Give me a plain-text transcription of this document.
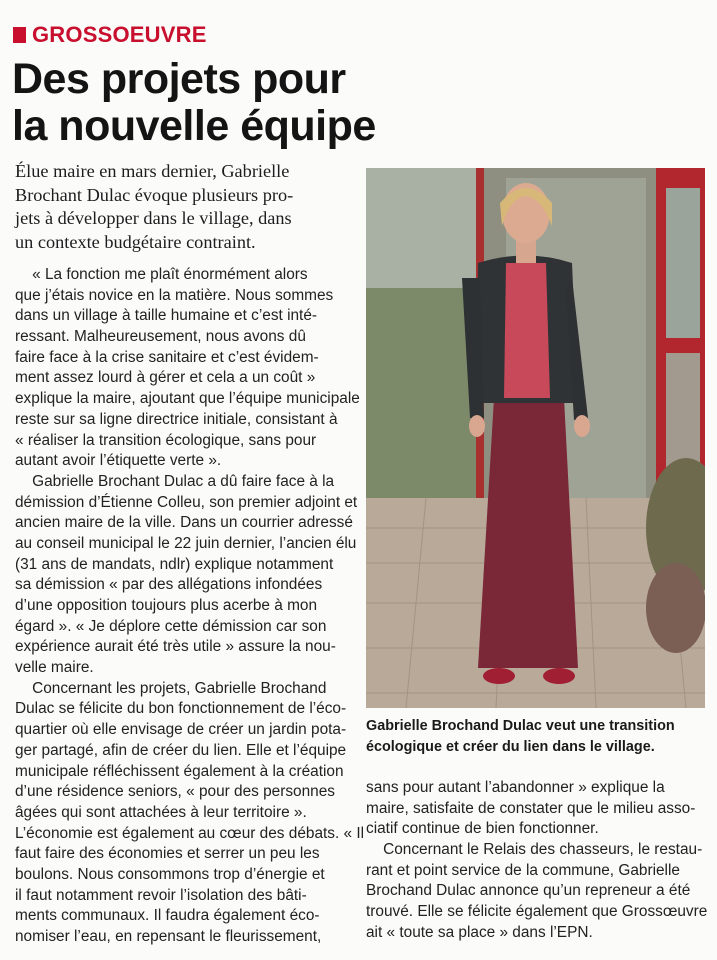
GROSSOEUVRE
Des projets pour
la nouvelle équipe
Élue maire en mars dernier, Gabrielle
Brochant Dulac évoque plusieurs pro-
jets à développer dans le village, dans
un contexte budgétaire contraint.
« La fonction me plaît énormément alors
que j’étais novice en la matière. Nous sommes
dans un village à taille humaine et c’est inté-
ressant. Malheureusement, nous avons dû
faire face à la crise sanitaire et c’est évidem-
ment assez lourd à gérer et cela a un coût »
explique la maire, ajoutant que l’équipe municipale
reste sur sa ligne directrice initiale, consistant à
« réaliser la transition écologique, sans pour
autant avoir l’étiquette verte ».
Gabrielle Brochant Dulac a dû faire face à la
démission d’Étienne Colleu, son premier adjoint et
ancien maire de la ville. Dans un courrier adressé
au conseil municipal le 22 juin dernier, l’ancien élu
(31 ans de mandats, ndlr) explique notamment
sa démission « par des allégations infondées
d’une opposition toujours plus acerbe à mon
égard ». « Je déplore cette démission car son
expérience aurait été très utile » assure la nou-
velle maire.
Concernant les projets, Gabrielle Brochand
Dulac se félicite du bon fonctionnement de l’éco-
quartier où elle envisage de créer un jardin pota-
ger partagé, afin de créer du lien. Elle et l’équipe
municipale réfléchissent également à la création
d’une résidence seniors, « pour des personnes
âgées qui sont attachées à leur territoire ».
L’économie est également au cœur des débats. « Il
faut faire des économies et serrer un peu les
boulons. Nous consommons trop d’énergie et
il faut notamment revoir l’isolation des bâti-
ments communaux. Il faudra également éco-
nomiser l’eau, en repensant le fleurissement,
Gabrielle Brochand Dulac veut une transition
écologique et créer du lien dans le village.
sans pour autant l’abandonner » explique la
maire, satisfaite de constater que le milieu asso-
ciatif continue de bien fonctionner.
Concernant le Relais des chasseurs, le restau-
rant et point service de la commune, Gabrielle
Brochand Dulac annonce qu’un repreneur a été
trouvé. Elle se félicite également que Grossœuvre
ait « toute sa place » dans l’EPN.
